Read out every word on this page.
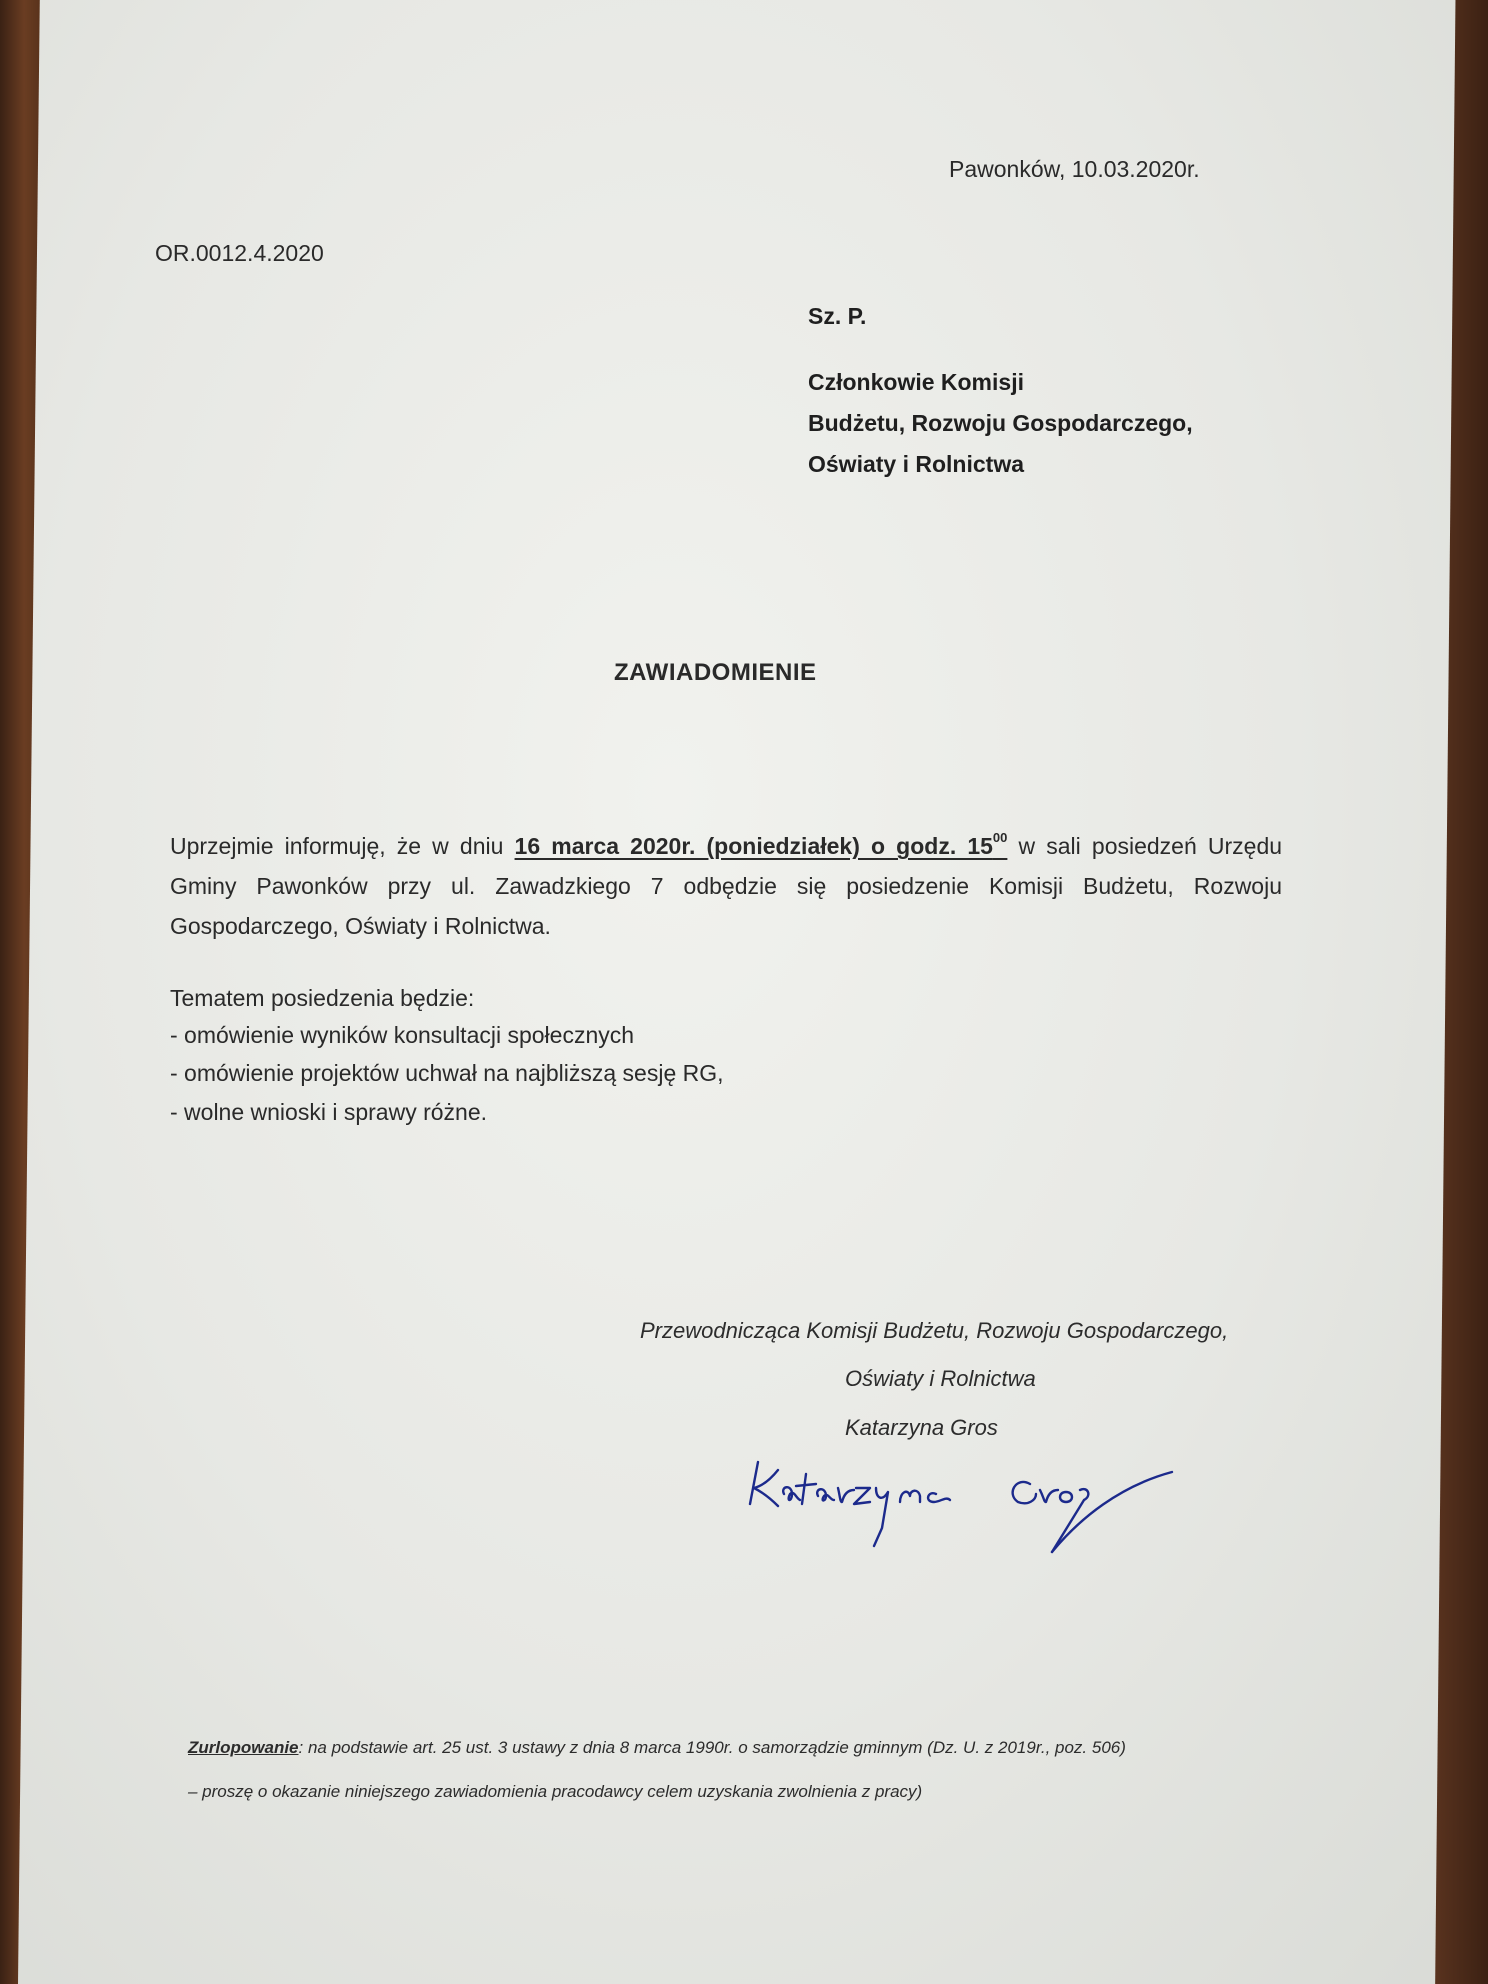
Pawonków, 10.03.2020r.
OR.0012.4.2020
Sz. P.
Członkowie Komisji
Budżetu, Rozwoju Gospodarczego,
Oświaty i Rolnictwa
ZAWIADOMIENIE
Uprzejmie informuję, że w dniu 16 marca 2020r. (poniedziałek) o godz. $15^{00}$ w sali posiedzeń Urzędu Gminy Pawonków przy ul. Zawadzkiego 7 odbędzie się posiedzenie Komisji Budżetu, Rozwoju Gospodarczego, Oświaty i Rolnictwa.
Tematem posiedzenia będzie:
- omówienie wyników konsultacji społecznych
- omówienie projektów uchwał na najbliższą sesję RG,
- wolne wnioski i sprawy różne.
Przewodnicząca Komisji Budżetu, Rozwoju Gospodarczego,
Oświaty i Rolnictwa
Katarzyna Gros
Zurlopowanie: na podstawie art. 25 ust. 3 ustawy z dnia 8 marca 1990r. o samorządzie gminnym (Dz. U. z 2019r., poz. 506)
– proszę o okazanie niniejszego zawiadomienia pracodawcy celem uzyskania zwolnienia z pracy)
